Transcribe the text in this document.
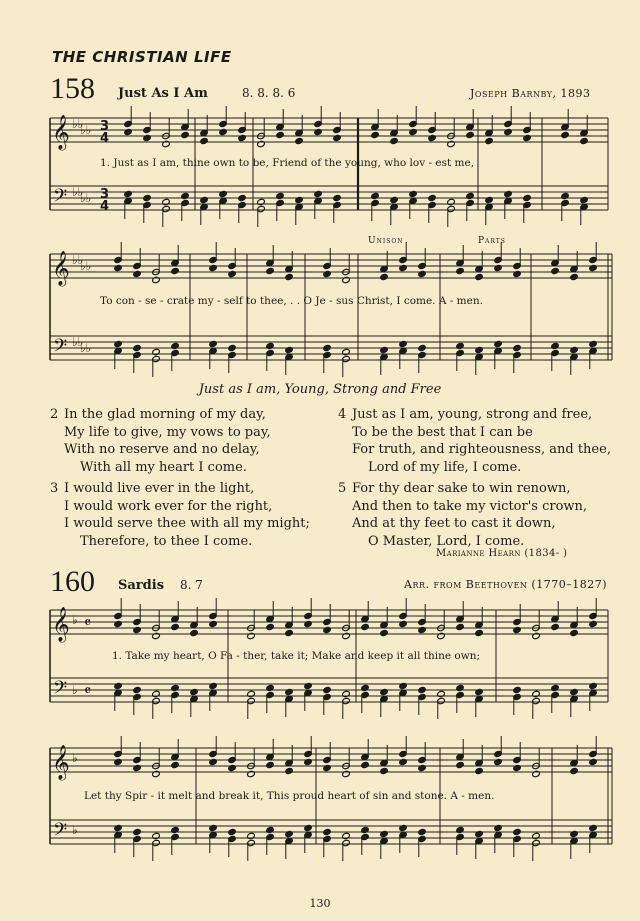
THE CHRISTIAN LIFE
158 Just As I Am	8. 8. 8. 6	Joseph Barnby, 1893
𝄞
𝄢
𝄞
𝄢
𝄞
𝄢
𝄞
𝄢
♭♭
♭♭
♭♭
♭♭
♭♭
♭♭
♭♭
♭♭
3
4
3
4
♭ 𝄴
♭ 𝄴
♭
♭
1. Just as I am, thine own to be, Friend of the young, who lov - est me,
Unison	Parts
To con - se - crate my - self to thee, . . O Je - sus Christ, I come. A - men.
Just as I am, Young, Strong and Free
2 In the glad morning of my day,
My life to give, my vows to pay,
With no reserve and no delay,
With all my heart I come.
3 I would live ever in the light,
I would work ever for the right,
I would serve thee with all my might;
Therefore, to thee I come.
4 Just as I am, young, strong and free,
To be the best that I can be
For truth, and righteousness, and thee,
Lord of my life, I come.
5 For thy dear sake to win renown,
And then to take my victor's crown,
And at thy feet to cast it down,
O Master, Lord, I come.
Marianne Hearn (1834- )
160 Sardis 8. 7	Arr. from Beethoven (1770–1827)
1. Take my heart, O Fa - ther, take it; Make and keep it all thine own;
Let thy Spir - it melt and break it, This proud heart of sin and stone. A - men.
130
